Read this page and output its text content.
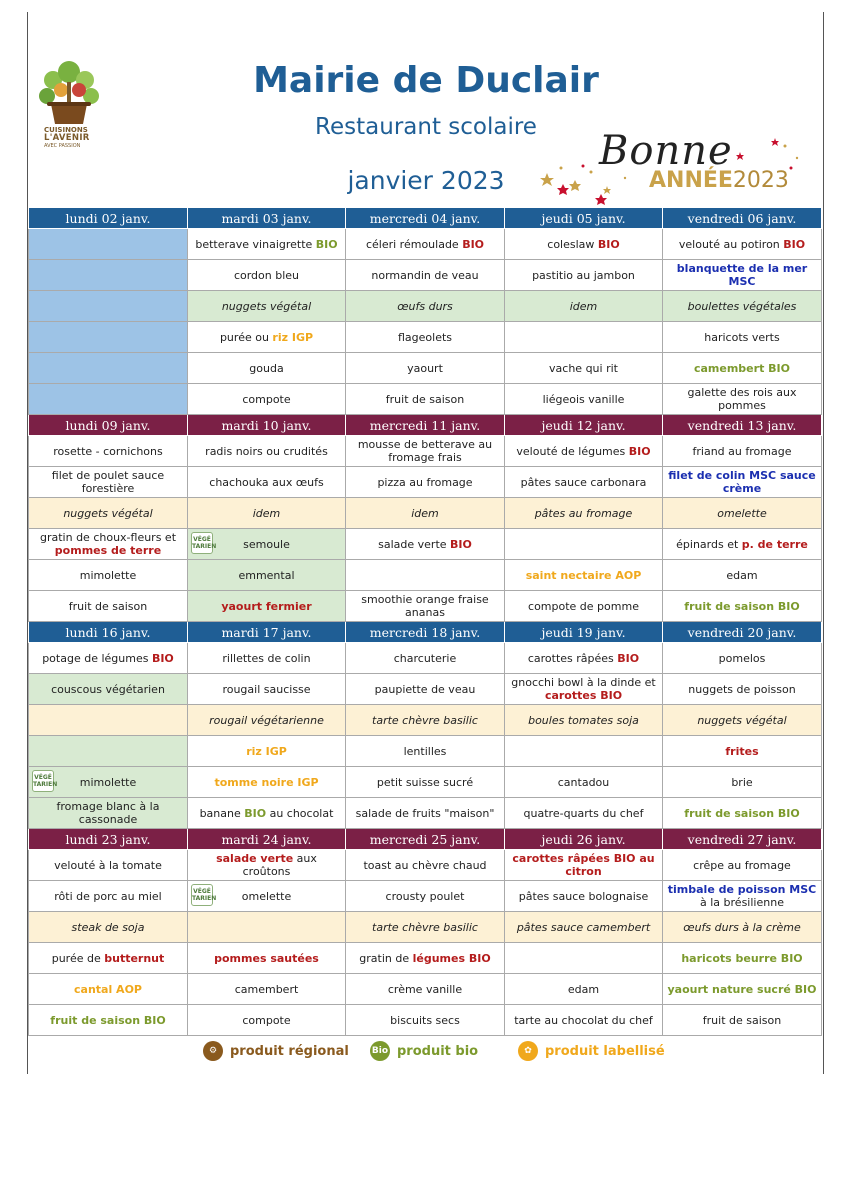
CUISINONS
L'AVENIR
AVEC PASSION
Mairie de Duclair
Restaurant scolaire
janvier 2023
Bonne
ANNÉE2023
lundi 02 janv.	mardi 03 janv.	mercredi 04 janv.	jeudi 05 janv.	vendredi 06 janv.
	betterave vinaigrette BIO	céleri rémoulade BIO	coleslaw BIO	velouté au potiron BIO
	cordon bleu	normandin de veau	pastitio au jambon	blanquette de la mer MSC
	nuggets végétal	œufs durs	idem	boulettes végétales
	purée ou riz IGP	flageolets		haricots verts
	gouda	yaourt	vache qui rit	camembert BIO
	compote	fruit de saison	liégeois vanille	galette des rois aux pommes
lundi 09 janv.	mardi 10 janv.	mercredi 11 janv.	jeudi 12 janv.	vendredi 13 janv.
rosette - cornichons	radis noirs ou crudités	mousse de betterave au fromage frais	velouté de légumes BIO	friand au fromage
filet de poulet sauce forestière	chachouka aux œufs	pizza au fromage	pâtes sauce carbonara	filet de colin MSC sauce crème
nuggets végétal	idem	idem	pâtes au fromage	omelette
gratin de choux-fleurs et pommes de terre	VÉGÉ TARIEN semoule	salade verte BIO		épinards et p. de terre
mimolette	emmental		saint nectaire AOP	edam
fruit de saison	yaourt fermier	smoothie orange fraise ananas	compote de pomme	fruit de saison BIO
lundi 16 janv.	mardi 17 janv.	mercredi 18 janv.	jeudi 19 janv.	vendredi 20 janv.
potage de légumes BIO	rillettes de colin	charcuterie	carottes râpées BIO	pomelos
couscous végétarien	rougail saucisse	paupiette de veau	gnocchi bowl à la dinde et carottes BIO	nuggets de poisson
	rougail végétarienne	tarte chèvre basilic	boules tomates soja	nuggets végétal
	riz IGP	lentilles		frites

VÉGÉ TARIEN mimolette	tomme noire IGP	petit suisse sucré	cantadou	brie
fromage blanc à la cassonade	banane BIO au chocolat	salade de fruits "maison"	quatre-quarts du chef	fruit de saison BIO
lundi 23 janv.	mardi 24 janv.	mercredi 25 janv.	jeudi 26 janv.	vendredi 27 janv.
velouté à la tomate	salade verte aux croûtons	toast au chèvre chaud	carottes râpées BIO au citron	crêpe au fromage
rôti de porc au miel	VÉGÉ TARIEN omelette	crousty poulet	pâtes sauce bolognaise	timbale de poisson MSC à la brésilienne
steak de soja		tarte chèvre basilic	pâtes sauce camembert	œufs durs à la crème
purée de butternut	pommes sautées	gratin de légumes BIO		haricots beurre BIO
cantal AOP	camembert	crème vanille	edam	yaourt nature sucré BIO
fruit de saison BIO	compote	biscuits secs	tarte au chocolat du chef	fruit de saison
⚙ produit régional	Bio produit bio	✿	produit labellisé
